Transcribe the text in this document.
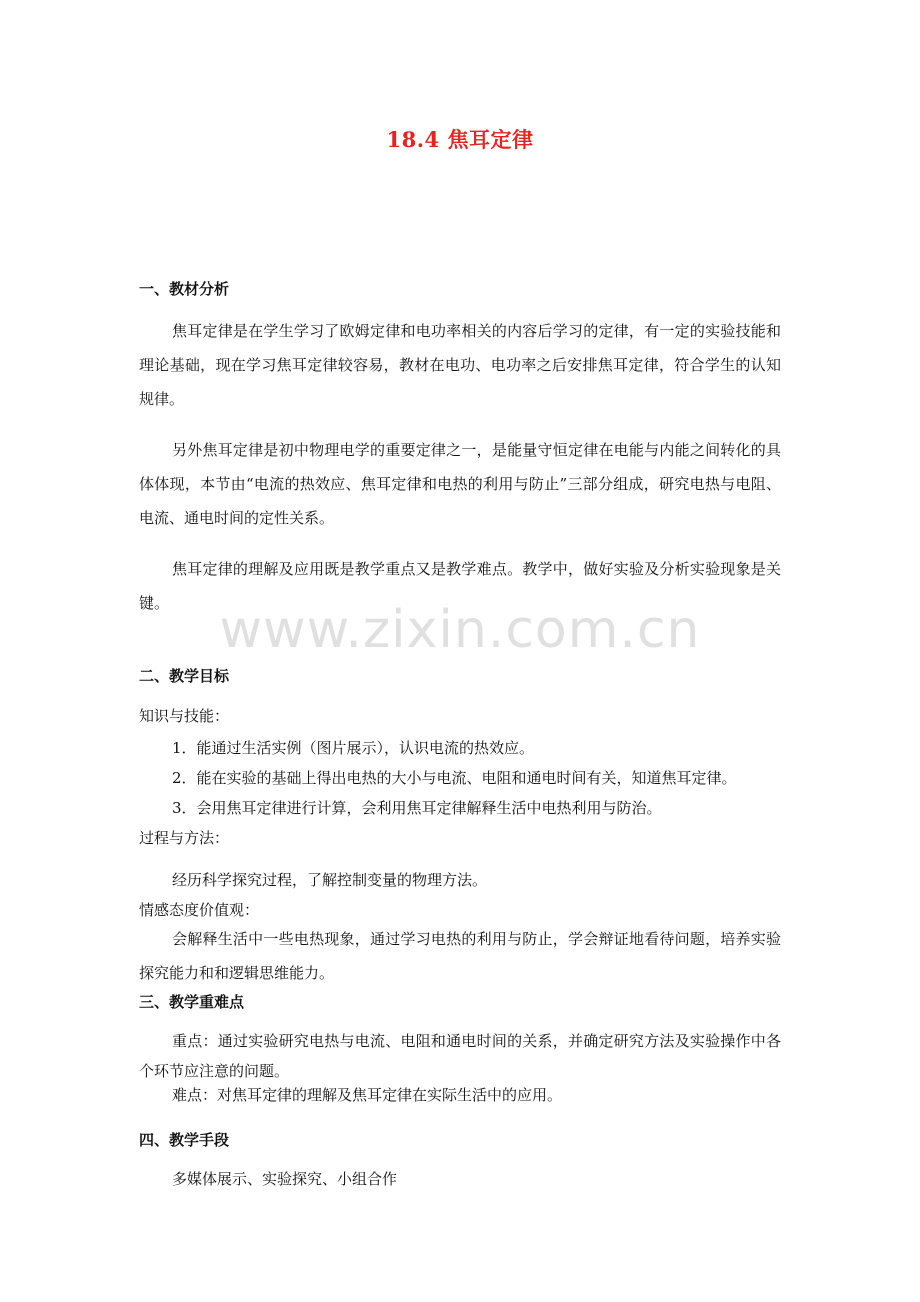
www.zixin.com.cn
18.4 焦耳定律
一、教材分析

焦耳定律是在学生学习了欧姆定律和电功率相关的内容后学习的定律，有一定的实验技能和理论基础，现在学习焦耳定律较容易，教材在电功、电功率之后安排焦耳定律，符合学生的认知规律。

另外焦耳定律是初中物理电学的重要定律之一，是能量守恒定律在电能与内能之间转化的具体体现，本节由“电流的热效应、焦耳定律和电热的利用与防止”三部分组成，研究电热与电阻、电流、通电时间的定性关系。

焦耳定律的理解及应用既是教学重点又是教学难点。教学中，做好实验及分析实验现象是关键。

二、教学目标
知识与技能：
1．能通过生活实例（图片展示），认识电流的热效应。
2．能在实验的基础上得出电热的大小与电流、电阻和通电时间有关，知道焦耳定律。
3．会用焦耳定律进行计算，会利用焦耳定律解释生活中电热利用与防治。
过程与方法：
经历科学探究过程，了解控制变量的物理方法。
情感态度价值观：

会解释生活中一些电热现象，通过学习电热的利用与防止，学会辩证地看待问题，培养实验探究能力和和逻辑思维能力。

三、教学重难点

重点：通过实验研究电热与电流、电阻和通电时间的关系，并确定研究方法及实验操作中各个环节应注意的问题。

难点：对焦耳定律的理解及焦耳定律在实际生活中的应用。
四、教学手段
多媒体展示、实验探究、小组合作
